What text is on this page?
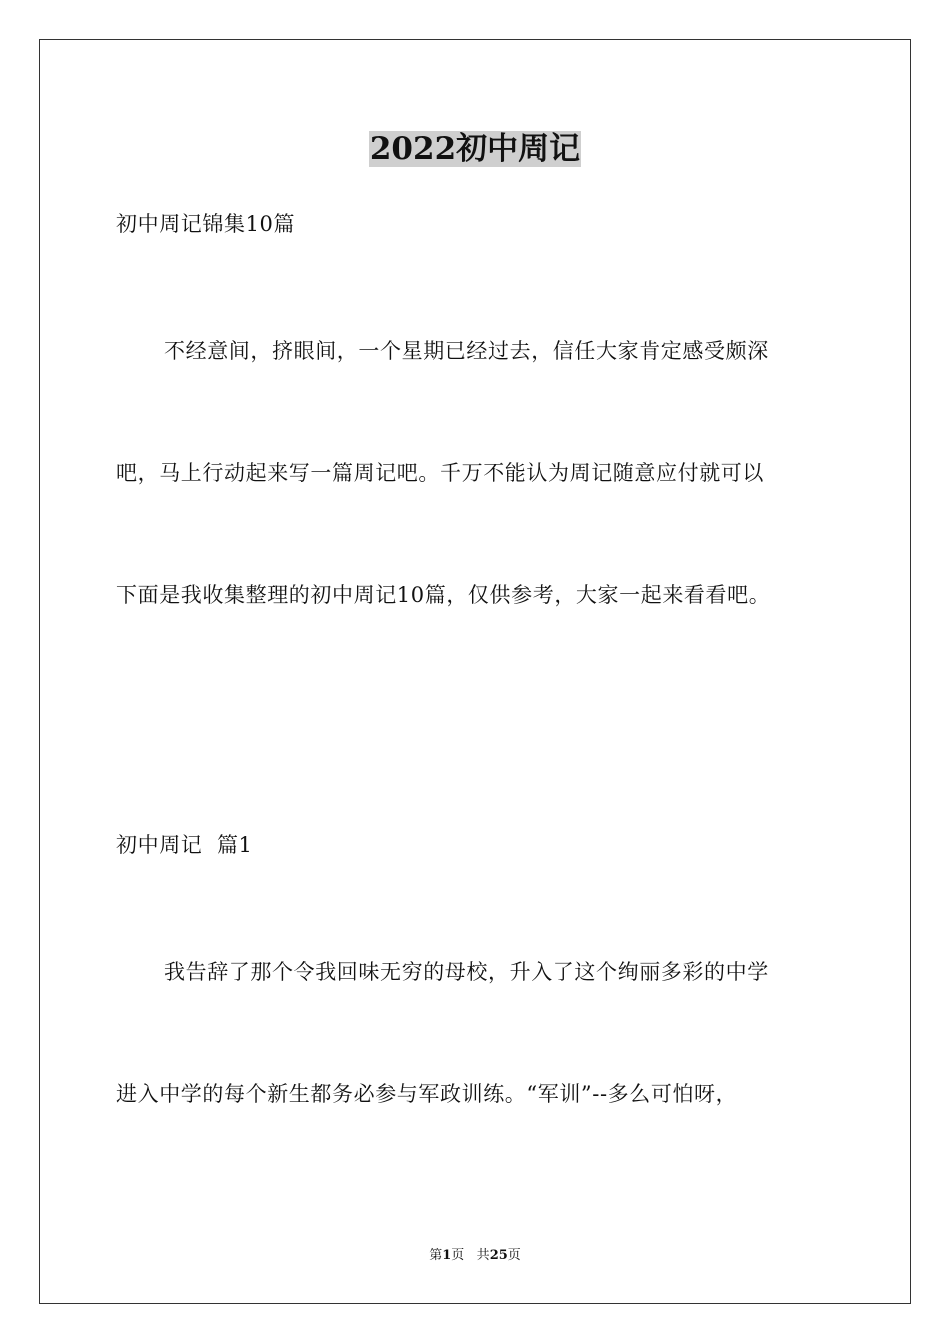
2022初中周记
初中周记锦集10篇
不经意间，挤眼间，一个星期已经过去，信任大家肯定感受颇深
吧，马上行动起来写一篇周记吧。千万不能认为周记随意应付就可以
下面是我收集整理的初中周记10篇，仅供参考，大家一起来看看吧。
初中周记  篇1
我告辞了那个令我回味无穷的母校，升入了这个绚丽多彩的中学
进入中学的每个新生都务必参与军政训练。“军训”--多么可怕呀，
第1页 共25页
